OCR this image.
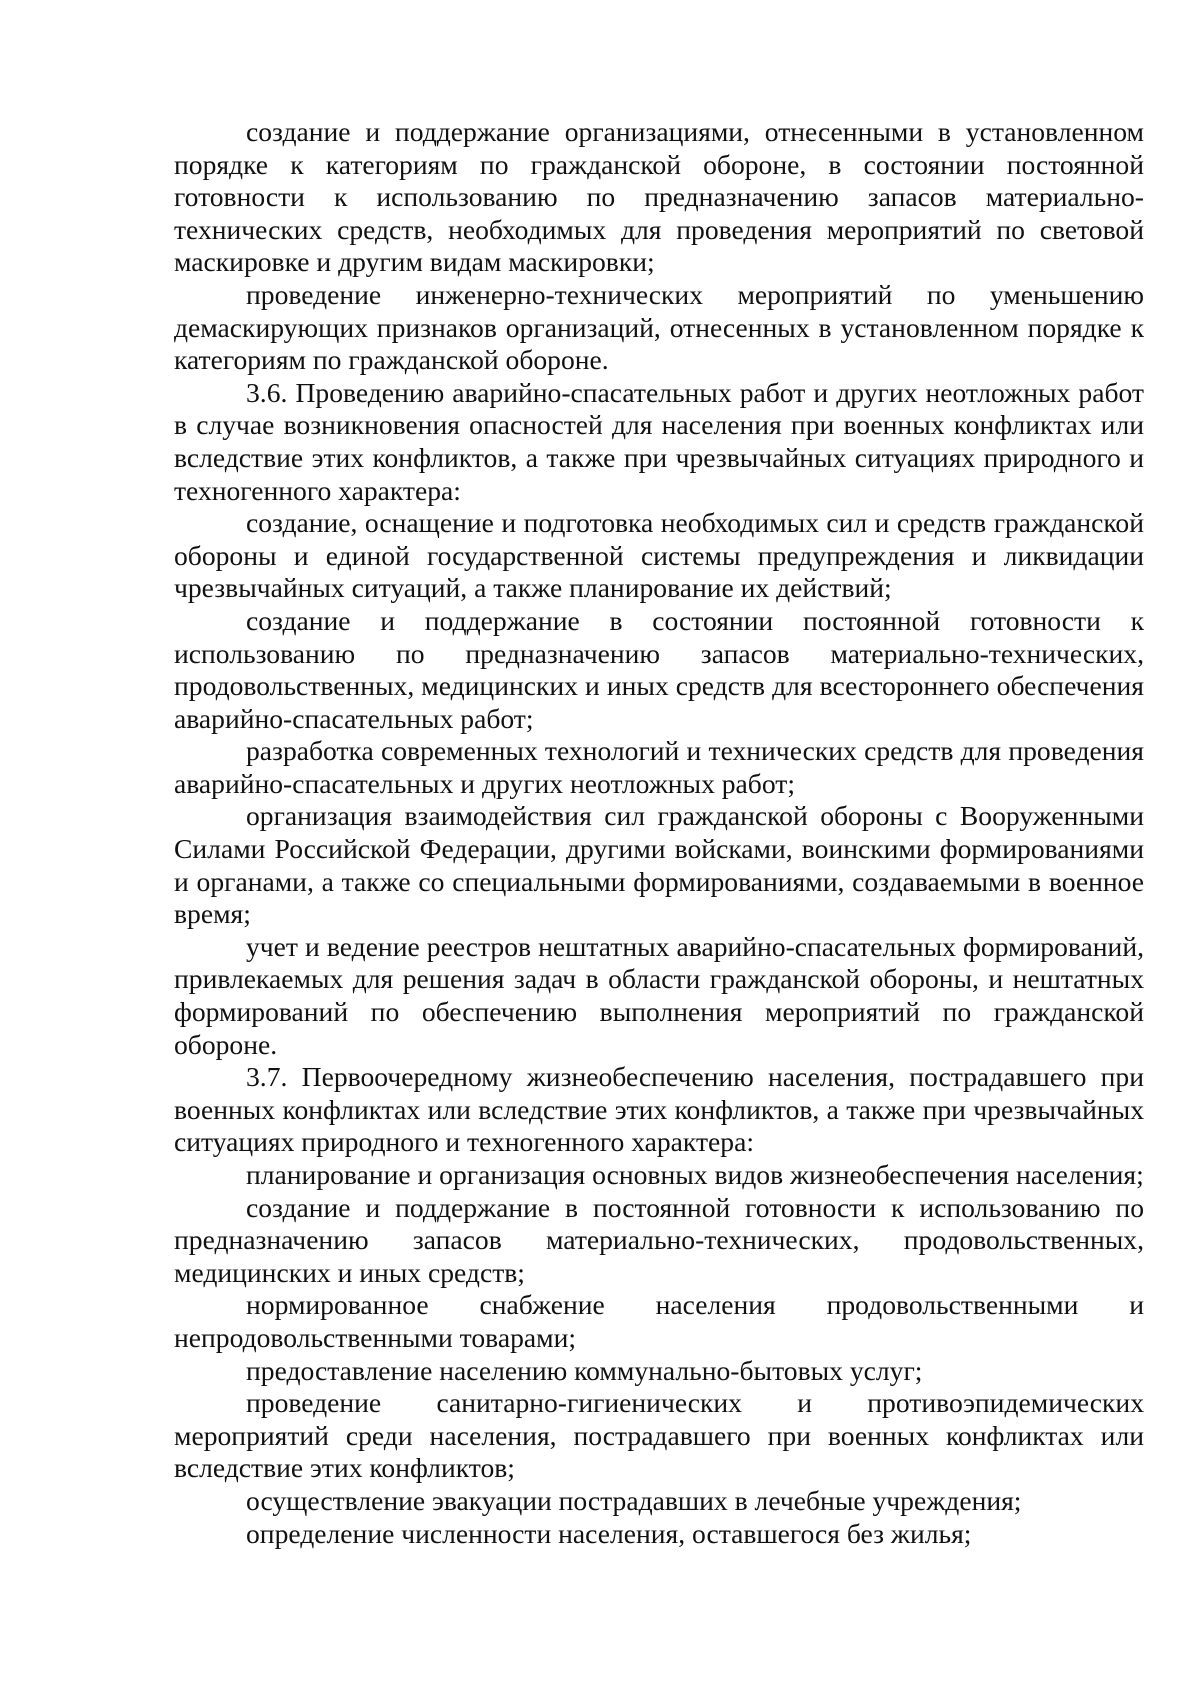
создание и поддержание организациями, отнесенными в установленном порядке к категориям по гражданской обороне, в состоянии постоянной готовности к использованию по предназначению запасов материально-технических средств, необходимых для проведения мероприятий по световой маскировке и другим видам маскировки;

проведение инженерно-технических мероприятий по уменьшению демаскирующих признаков организаций, отнесенных в установленном порядке к категориям по гражданской обороне.

3.6. Проведению аварийно-спасательных работ и других неотложных работ в случае возникновения опасностей для населения при военных конфликтах или вследствие этих конфликтов, а также при чрезвычайных ситуациях природного и техногенного характера:

создание, оснащение и подготовка необходимых сил и средств гражданской обороны и единой государственной системы предупреждения и ликвидации чрезвычайных ситуаций, а также планирование их действий;

создание и поддержание в состоянии постоянной готовности к использованию по предназначению запасов материально-технических, продовольственных, медицинских и иных средств для всестороннего обеспечения аварийно-спасательных работ;

разработка современных технологий и технических средств для проведения аварийно-спасательных и других неотложных работ;

организация взаимодействия сил гражданской обороны с Вооруженными Силами Российской Федерации, другими войсками, воинскими формированиями и органами, а также со специальными формированиями, создаваемыми в военное время;

учет и ведение реестров нештатных аварийно-спасательных формирований, привлекаемых для решения задач в области гражданской обороны, и нештатных формирований по обеспечению выполнения мероприятий по гражданской обороне.

3.7. Первоочередному жизнеобеспечению населения, пострадавшего при военных конфликтах или вследствие этих конфликтов, а также при чрезвычайных ситуациях природного и техногенного характера:

планирование и организация основных видов жизнеобеспечения населения;

создание и поддержание в постоянной готовности к использованию по предназначению запасов материально-технических, продовольственных, медицинских и иных средств;

нормированное снабжение населения продовольственными и непродовольственными товарами;

предоставление населению коммунально-бытовых услуг;

проведение санитарно-гигиенических и противоэпидемических мероприятий среди населения, пострадавшего при военных конфликтах или вследствие этих конфликтов;

осуществление эвакуации пострадавших в лечебные учреждения;

определение численности населения, оставшегося без жилья;
